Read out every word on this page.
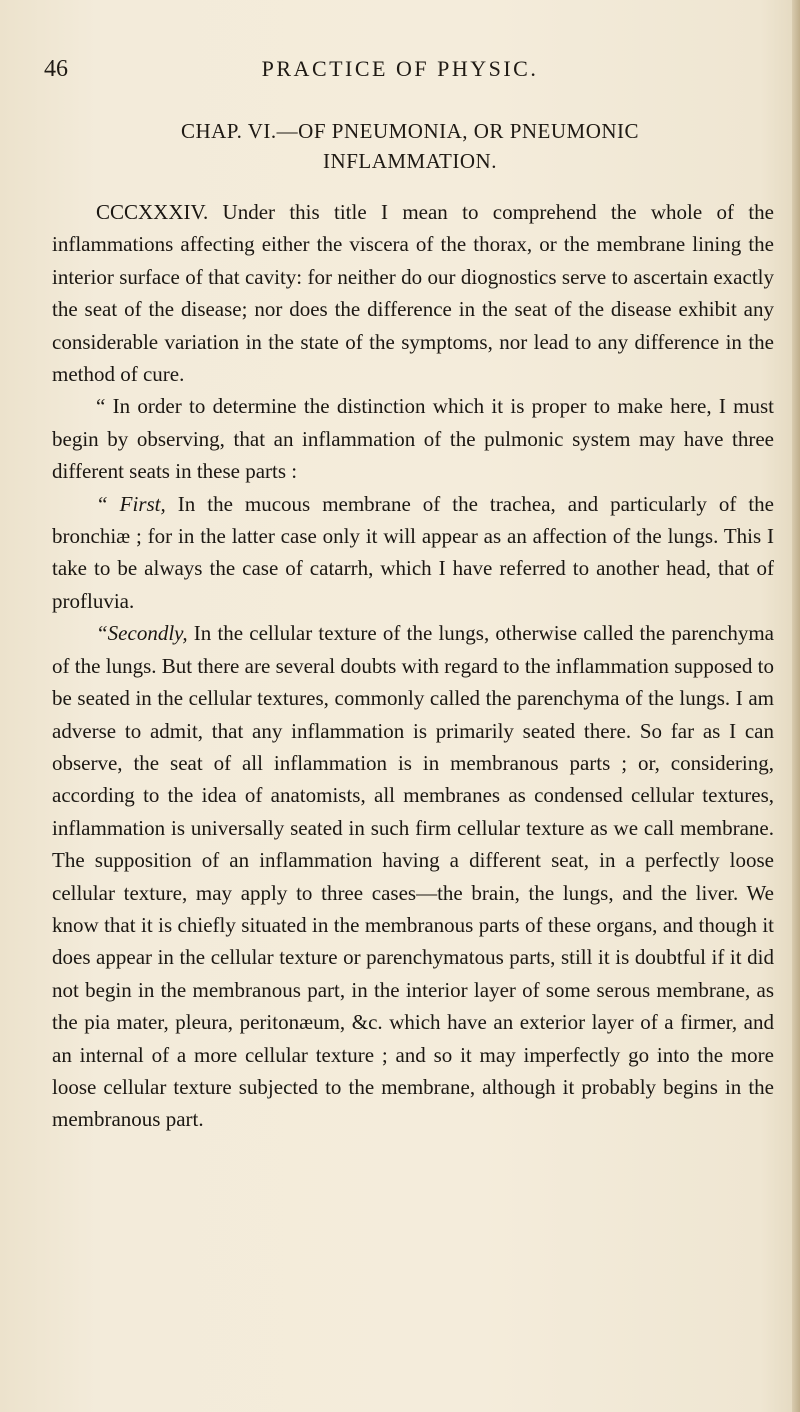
46	PRACTICE OF PHYSIC.
CHAP. VI.—OF PNEUMONIA, OR PNEUMONIC
INFLAMMATION.

CCCXXXIV. Under this title I mean to comprehend the whole of the inflammations affecting either the viscera of the thorax, or the membrane lining the interior surface of that cavity: for neither do our diognostics serve to ascertain exactly the seat of the disease; nor does the difference in the seat of the disease exhibit any considerable variation in the state of the symptoms, nor lead to any difference in the method of cure.

“ In order to determine the distinction which it is proper to make here, I must begin by observing, that an inflammation of the pulmonic system may have three different seats in these parts :

“ First, In the mucous membrane of the trachea, and particularly of the bronchiæ ; for in the latter case only it will appear as an affection of the lungs. This I take to be always the case of catarrh, which I have referred to another head, that of profluvia.

“Secondly, In the cellular texture of the lungs, otherwise called the parenchyma of the lungs. But there are several doubts with regard to the inflammation supposed to be seated in the cellular textures, commonly called the parenchyma of the lungs. I am adverse to admit, that any inflammation is primarily seated there. So far as I can observe, the seat of all inflammation is in membranous parts ; or, considering, according to the idea of anatomists, all membranes as condensed cellular textures, inflammation is universally seated in such firm cellular texture as we call membrane. The supposition of an inflammation having a different seat, in a perfectly loose cellular texture, may apply to three cases—the brain, the lungs, and the liver. We know that it is chiefly situated in the membranous parts of these organs, and though it does appear in the cellular texture or parenchymatous parts, still it is doubtful if it did not begin in the membranous part, in the interior layer of some serous membrane, as the pia mater, pleura, peritonæum, &c. which have an exterior layer of a firmer, and an internal of a more cellular texture ; and so it may imperfectly go into the more loose cellular texture subjected to the membrane, although it probably begins in the membranous part.
